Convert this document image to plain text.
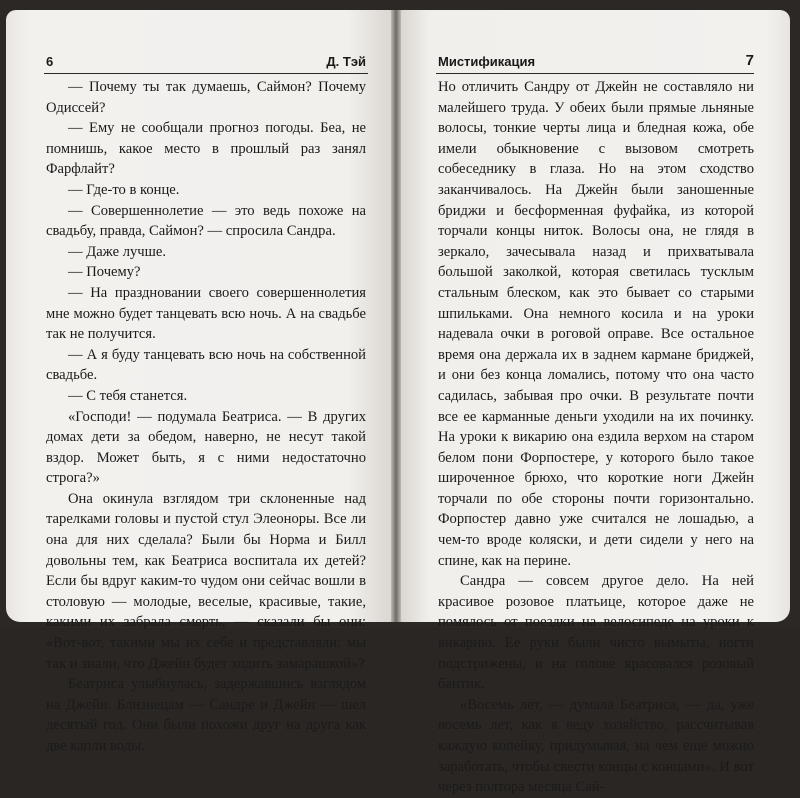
6	Д. Тэй

— Почему ты так думаешь, Саймон? Почему Одиссей?

— Ему не сообщали прогноз погоды. Беа, не помнишь, какое место в прошлый раз занял Фарфлайт?

— Где-то в конце.

— Совершеннолетие — это ведь похоже на свадьбу, правда, Саймон? — спросила Сандра.

— Даже лучше.

— Почему?

— На праздновании своего совершеннолетия мне можно будет танцевать всю ночь. А на свадьбе так не получится.

— А я буду танцевать всю ночь на собственной свадьбе.

— С тебя станется.

«Господи! — подумала Беатриса. — В других домах дети за обедом, наверно, не несут такой вздор. Может быть, я с ними недостаточно строга?»

Она окинула взглядом три склоненные над тарелками головы и пустой стул Элеоноры. Все ли она для них сделала? Были бы Норма и Билл довольны тем, как Беатриса воспитала их детей? Если бы вдруг каким-то чудом они сейчас вошли в столовую — молодые, веселые, красивые, такие, какими их забрала смерть, — сказали бы они: «Вот-вот, такими мы их себе и представляли: мы так и знали, что Джейн будет ходить замарашкой»?

Беатриса улыбнулась, задержавшись взглядом на Джейн. Близнецам — Сандре и Джейн — шел десятый год. Они были похожи друг на друга как две капли воды.

Мистификация	7

Но отличить Сандру от Джейн не составляло ни малейшего труда. У обеих были прямые льняные волосы, тонкие черты лица и бледная кожа, обе имели обыкновение с вызовом смотреть собеседнику в глаза. Но на этом сходство заканчивалось. На Джейн были заношенные бриджи и бесформенная фуфайка, из которой торчали концы ниток. Волосы она, не глядя в зеркало, зачесывала назад и прихватывала большой заколкой, которая светилась тусклым стальным блеском, как это бывает со старыми шпильками. Она немного косила и на уроки надевала очки в роговой оправе. Все остальное время она держала их в заднем кармане бриджей, и они без конца ломались, потому что она часто садилась, забывая про очки. В результате почти все ее карманные деньги уходили на их починку. На уроки к викарию она ездила верхом на старом белом пони Форпостере, у которого было такое широченное брюхо, что короткие ноги Джейн торчали по обе стороны почти горизонтально. Форпостер давно уже считался не лошадью, а чем-то вроде коляски, и дети сидели у него на спине, как на перине.

Сандра — совсем другое дело. На ней красивое розовое платьице, которое даже не помялось от поездки на велосипеде на уроки к викарию. Ее руки были чисто вымыты, ногти подстрижены, и на голове красовался розовый бантик.

«Восемь лет, — думала Беатриса, — да, уже восемь лет, как я веду хозяйство, рассчитывая каждую копейку, придумывая, на чем еще можно заработать, чтобы свести концы с концами». И вот через полтора месяца Сай-
